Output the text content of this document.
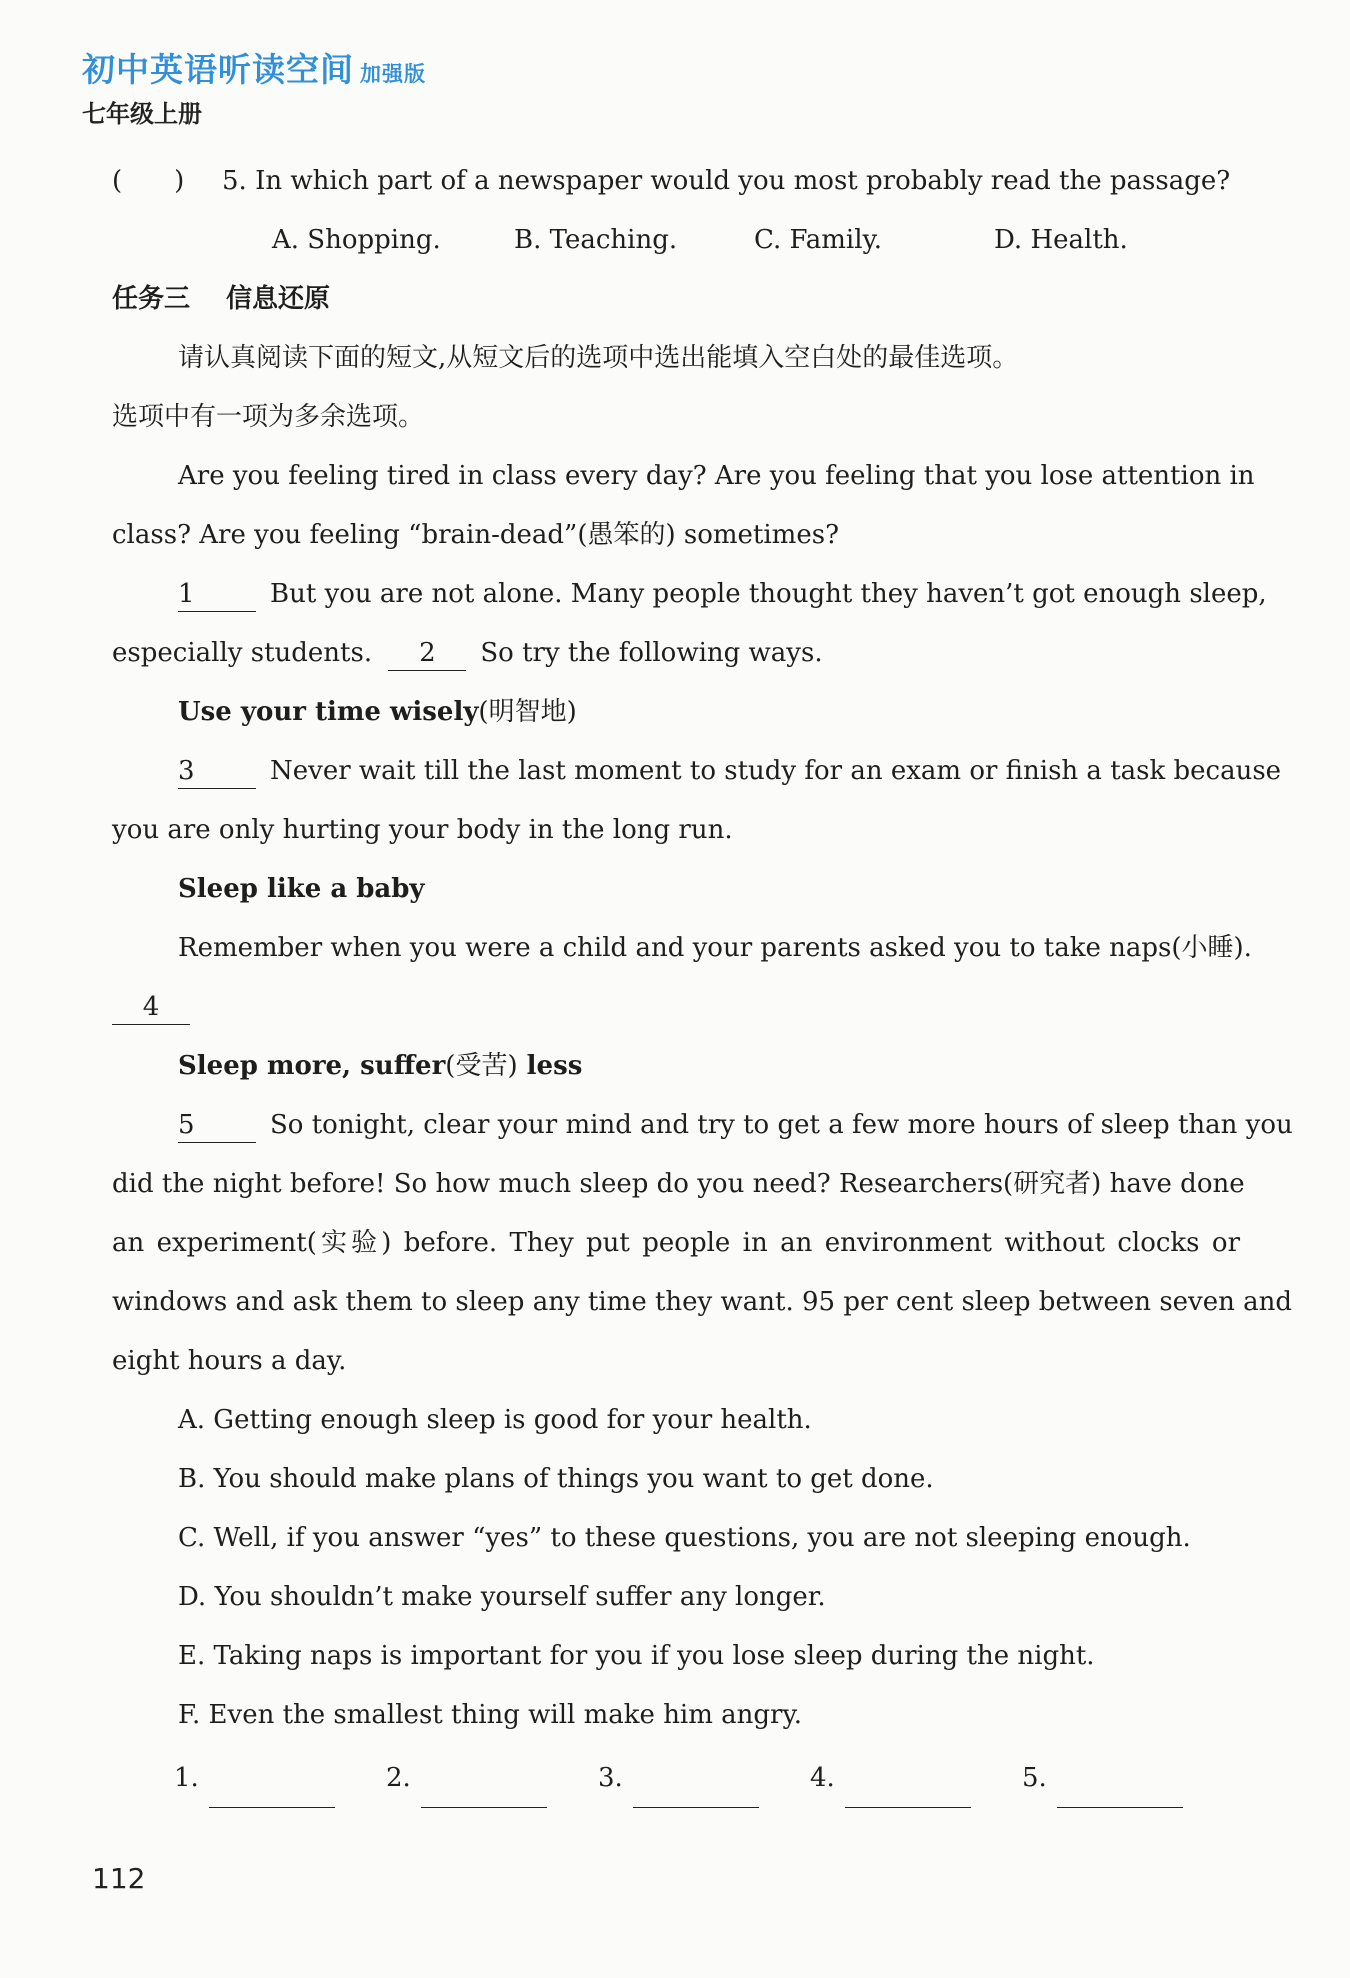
初中英语听读空间 加强版
七年级上册
(　　) 5. In which part of a newspaper would you most probably read the passage?
A. Shopping.	B. Teaching.	C. Family.	D. Health.
任务三 信息还原
请认真阅读下面的短文,从短文后的选项中选出能填入空白处的最佳选项。
选项中有一项为多余选项。
Are you feeling tired in class every day? Are you feeling that you lose attention in
class? Are you feeling “brain-dead”(愚笨的) sometimes?
1	But you are not alone. Many people thought they haven’t got enough sleep,
especially students. 2 So try the following ways.
Use your time wisely(明智地)
3	Never wait till the last moment to study for an exam or finish a task because
you are only hurting your body in the long run.
Sleep like a baby
Remember when you were a child and your parents asked you to take naps(小睡).
4
Sleep more, suffer(受苦) less
5	So tonight, clear your mind and try to get a few more hours of sleep than you
did the night before! So how much sleep do you need? Researchers(研究者) have done
an experiment(实验) before. They put people in an environment without clocks or
windows and ask them to sleep any time they want. 95 per cent sleep between seven and
eight hours a day.
A. Getting enough sleep is good for your health.
B. You should make plans of things you want to get done.
C. Well, if you answer “yes” to these questions, you are not sleeping enough.
D. You shouldn’t make yourself suffer any longer.
E. Taking naps is important for you if you lose sleep during the night.
F. Even the smallest thing will make him angry.
1.	2.	3.	4.	5.
112
